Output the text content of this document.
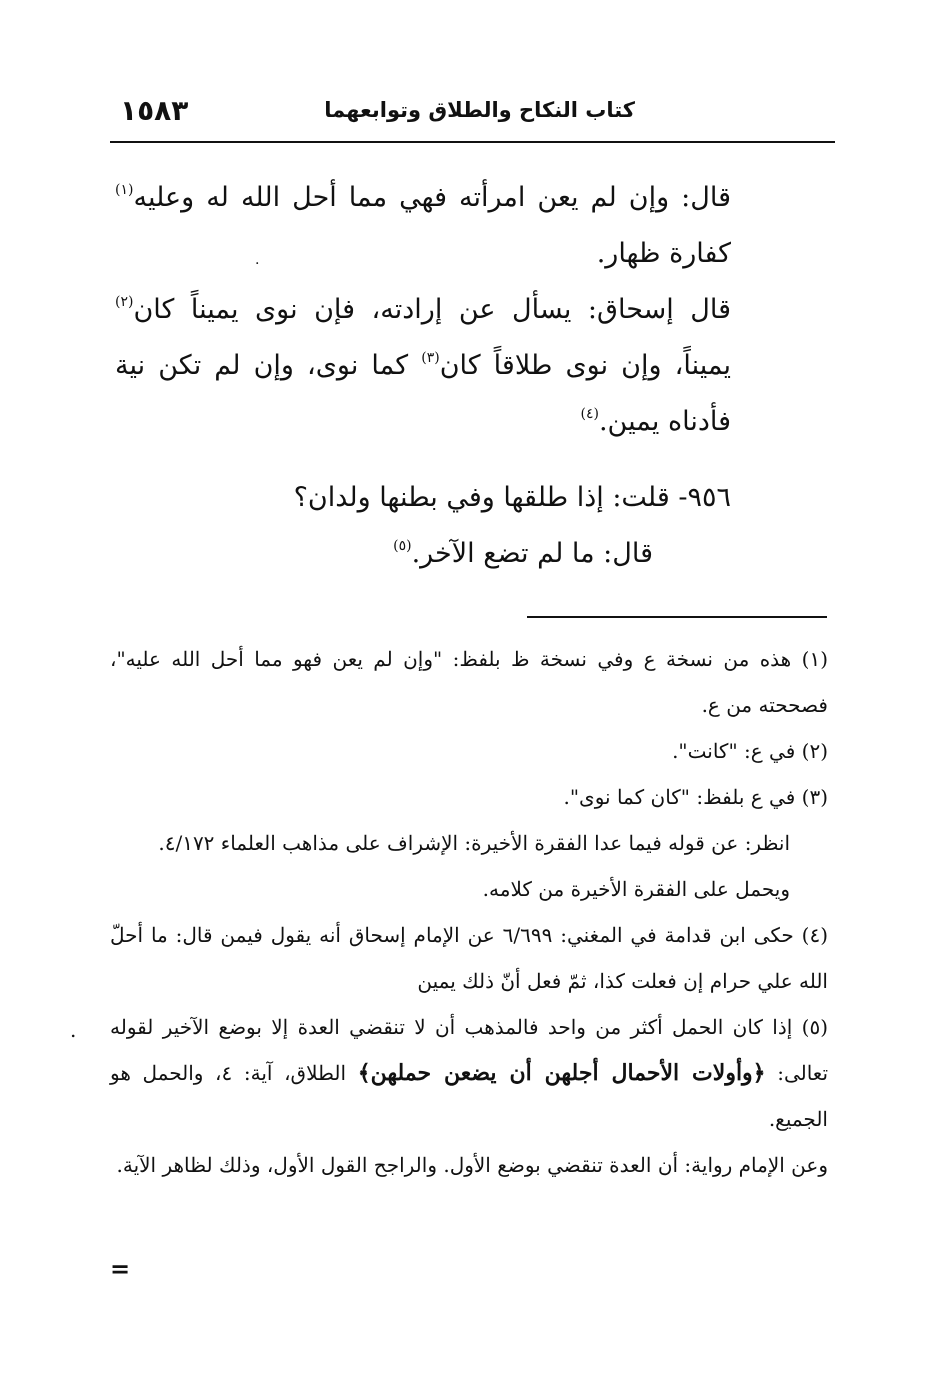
كتاب النكاح والطلاق وتوابعهما
١٥٨٣

قال: وإن لم يعن امرأته فهي مما أحل الله له وعليه$^{(١)}$ كفارة ظهار.

قال إسحاق: يسأل عن إرادته، فإن نوى يميناً كان$^{(٢)}$ يميناً، وإن نوى طلاقاً كان$^{(٣)}$ كما نوى، وإن لم تكن نية فأدناه يمين.$^{(٤)}$

٩٥٦- قلت: إذا طلقها وفي بطنها ولدان؟

قال: ما لم تضع الآخر.$^{(٥)}$

.

(١) هذه من نسخة ع وفي نسخة ظ بلفظ: "وإن لم يعن فهو مما أحل الله عليه"، فصححته من ع.

(٢) في ع: "كانت".

(٣) في ع بلفظ: "كان كما نوى".

انظر: عن قوله فيما عدا الفقرة الأخيرة: الإشراف على مذاهب العلماء ٤/١٧٢.

ويحمل على الفقرة الأخيرة من كلامه.

(٤) حكى ابن قدامة في المغني: ٦/٦٩٩ عن الإمام إسحاق أنه يقول فيمن قال: ما أحلّ الله علي حرام إن فعلت كذا، ثمّ فعل أنّ ذلك يمين

(٥) إذا كان الحمل أكثر من واحد فالمذهب أن لا تنقضي العدة إلا بوضع الآخير لقوله تعالى: ﴿وأولات الأحمال أجلهن أن يضعن حملهن﴾ الطلاق، آية: ٤، والحمل هو الجميع.

وعن الإمام رواية: أن العدة تنقضي بوضع الأول. والراجح القول الأول، وذلك لظاهر الآية.

.
=
